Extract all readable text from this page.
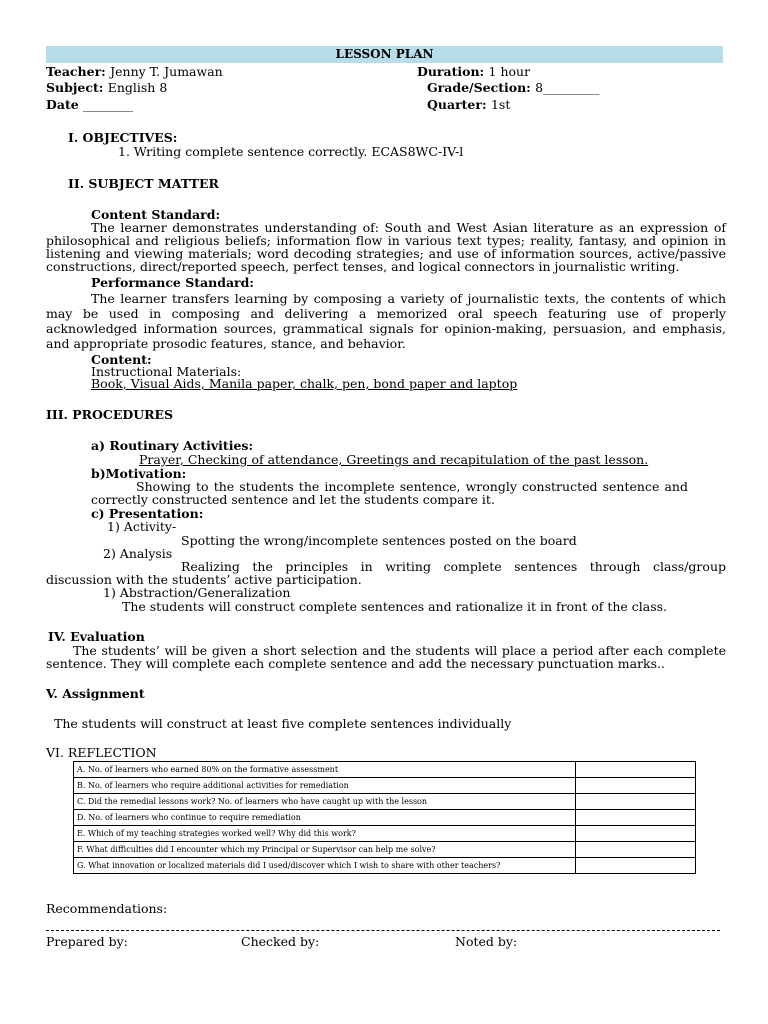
LESSON PLAN
Teacher: Jenny T. Jumawan	Duration: 1 hour
Subject: English 8	Grade/Section: 8_________
Date ________	Quarter: 1st
I. OBJECTIVES:
1. Writing complete sentence correctly. ECAS8WC-IV-l
II. SUBJECT MATTER
Content Standard:
The learner demonstrates understanding of: South and West Asian literature as an expression of philosophical and religious beliefs; information flow in various text types; reality, fantasy, and opinion in listening and viewing materials; word decoding strategies; and use of information sources, active/passive constructions, direct/reported speech, perfect tenses, and logical connectors in journalistic writing.
Performance Standard:
The learner transfers learning by composing a variety of journalistic texts, the contents of which may be used in composing and delivering a memorized oral speech featuring use of properly acknowledged information sources, grammatical signals for opinion-making, persuasion, and emphasis, and appropriate prosodic features, stance, and behavior.
Content:
Instructional Materials:
Book, Visual Aids, Manila paper, chalk, pen, bond paper and laptop
III. PROCEDURES
a) Routinary Activities:
Prayer, Checking of attendance, Greetings and recapitulation of the past lesson.
b)Motivation:
Showing to the students the incomplete sentence, wrongly constructed sentence and correctly constructed sentence and let the students compare it.
c) Presentation:
1) Activity-
Spotting the wrong/incomplete sentences posted on the board
2) Analysis
Realizing the principles in writing complete sentences through class/group discussion with the students’ active participation.
1) Abstraction/Generalization
The students will construct complete sentences and rationalize it in front of the class.
IV. Evaluation
The students’ will be given a short selection and the students will place a period after each complete sentence. They will complete each complete sentence and add the necessary punctuation marks..
V. Assignment
The students will construct at least five complete sentences individually
VI. REFLECTION
A. No. of learners who earned 80% on the formative assessment	
B. No. of learners who require additional activities for remediation	
C. Did the remedial lessons work? No. of learners who have caught up with the lesson	
D. No. of learners who continue to require remediation	
E. Which of my teaching strategies worked well? Why did this work?	
F. What difficulties did I encounter which my Principal or Supervisor can help me solve?	
G. What innovation or localized materials did I used/discover which I wish to share with other teachers?	
Recommendations:
Prepared by:	Checked by:	Noted by:
